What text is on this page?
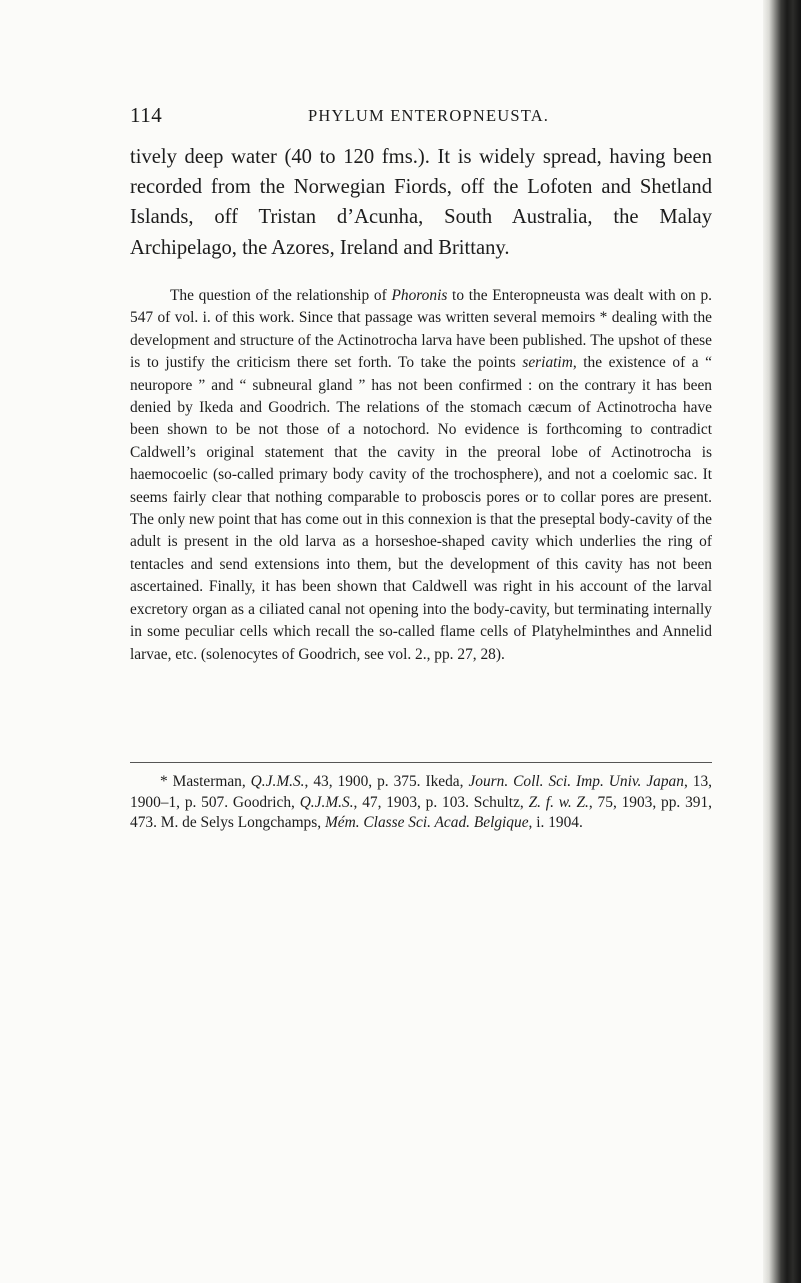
114	PHYLUM ENTEROPNEUSTA.

tively deep water (40 to 120 fms.). It is widely spread, having been recorded from the Norwegian Fiords, off the Lofoten and Shetland Islands, off Tristan d’Acunha, South Australia, the Malay Archipelago, the Azores, Ireland and Brittany.

The question of the relationship of Phoronis to the Enteropneusta was dealt with on p. 547 of vol. i. of this work. Since that passage was written several memoirs * dealing with the development and structure of the Actinotrocha larva have been published. The upshot of these is to justify the criticism there set forth. To take the points seriatim, the existence of a “ neuropore ” and “ subneural gland ” has not been confirmed : on the contrary it has been denied by Ikeda and Goodrich. The relations of the stomach cæcum of Actinotrocha have been shown to be not those of a notochord. No evidence is forthcoming to contradict Caldwell’s original statement that the cavity in the preoral lobe of Actinotrocha is haemocoelic (so-called primary body cavity of the trochosphere), and not a coelomic sac. It seems fairly clear that nothing comparable to proboscis pores or to collar pores are present. The only new point that has come out in this connexion is that the preseptal body-cavity of the adult is present in the old larva as a horseshoe-shaped cavity which underlies the ring of tentacles and send extensions into them, but the development of this cavity has not been ascertained. Finally, it has been shown that Caldwell was right in his account of the larval excretory organ as a ciliated canal not opening into the body-cavity, but terminating internally in some peculiar cells which recall the so-called flame cells of Platyhelminthes and Annelid larvae, etc. (solenocytes of Goodrich, see vol. 2., pp. 27, 28).

* Masterman, Q.J.M.S., 43, 1900, p. 375. Ikeda, Journ. Coll. Sci. Imp. Univ. Japan, 13, 1900–1, p. 507. Goodrich, Q.J.M.S., 47, 1903, p. 103. Schultz, Z. f. w. Z., 75, 1903, pp. 391, 473. M. de Selys Longchamps, Mém. Classe Sci. Acad. Belgique, i. 1904.
